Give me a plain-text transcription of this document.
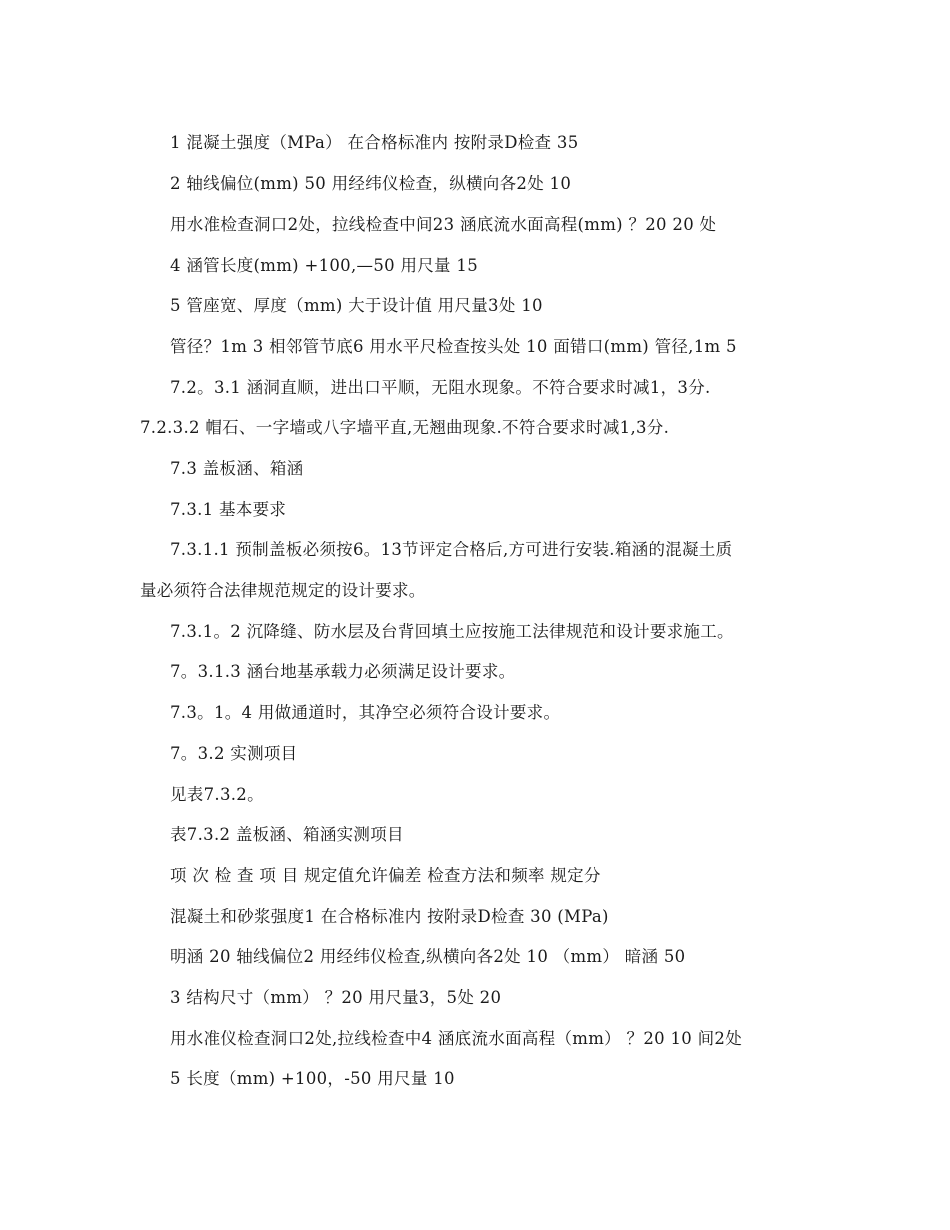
1 混凝土强度（MPa） 在合格标准内 按附录D检查 35
2 轴线偏位(mm) 50 用经纬仪检查，纵横向各2处 10
用水准检查洞口2处，拉线检查中间23 涵底流水面高程(mm) ？20 20 处
4 涵管长度(mm) +100,—50 用尺量 15
5 管座宽、厚度（mm) 大于设计值 用尺量3处 10
管径？1m 3 相邻管节底6 用水平尺检查按头处 10 面错口(mm) 管径,1m 5
7.2。3.1 涵洞直顺，进出口平顺，无阻水现象。不符合要求时减1，3分.
7.2.3.2 帽石、一字墙或八字墙平直,无翘曲现象.不符合要求时减1,3分.
7.3 盖板涵、箱涵
7.3.1 基本要求
7.3.1.1 预制盖板必须按6。13节评定合格后,方可进行安装.箱涵的混凝土质
量必须符合法律规范规定的设计要求。
7.3.1。2 沉降缝、防水层及台背回填土应按施工法律规范和设计要求施工。
7。3.1.3 涵台地基承载力必须满足设计要求。
7.3。1。4 用做通道时，其净空必须符合设计要求。
7。3.2 实测项目
见表7.3.2。
表7.3.2 盖板涵、箱涵实测项目
项 次 检 查 项 目 规定值允许偏差 检查方法和频率 规定分
混凝土和砂浆强度1 在合格标准内 按附录D检查 30 (MPa)
明涵 20 轴线偏位2 用经纬仪检查,纵横向各2处 10 （mm） 暗涵 50
3 结构尺寸（mm） ？20 用尺量3，5处 20
用水准仪检查洞口2处,拉线检查中4 涵底流水面高程（mm） ？20 10 间2处
5 长度（mm) +100，-50 用尺量 10
